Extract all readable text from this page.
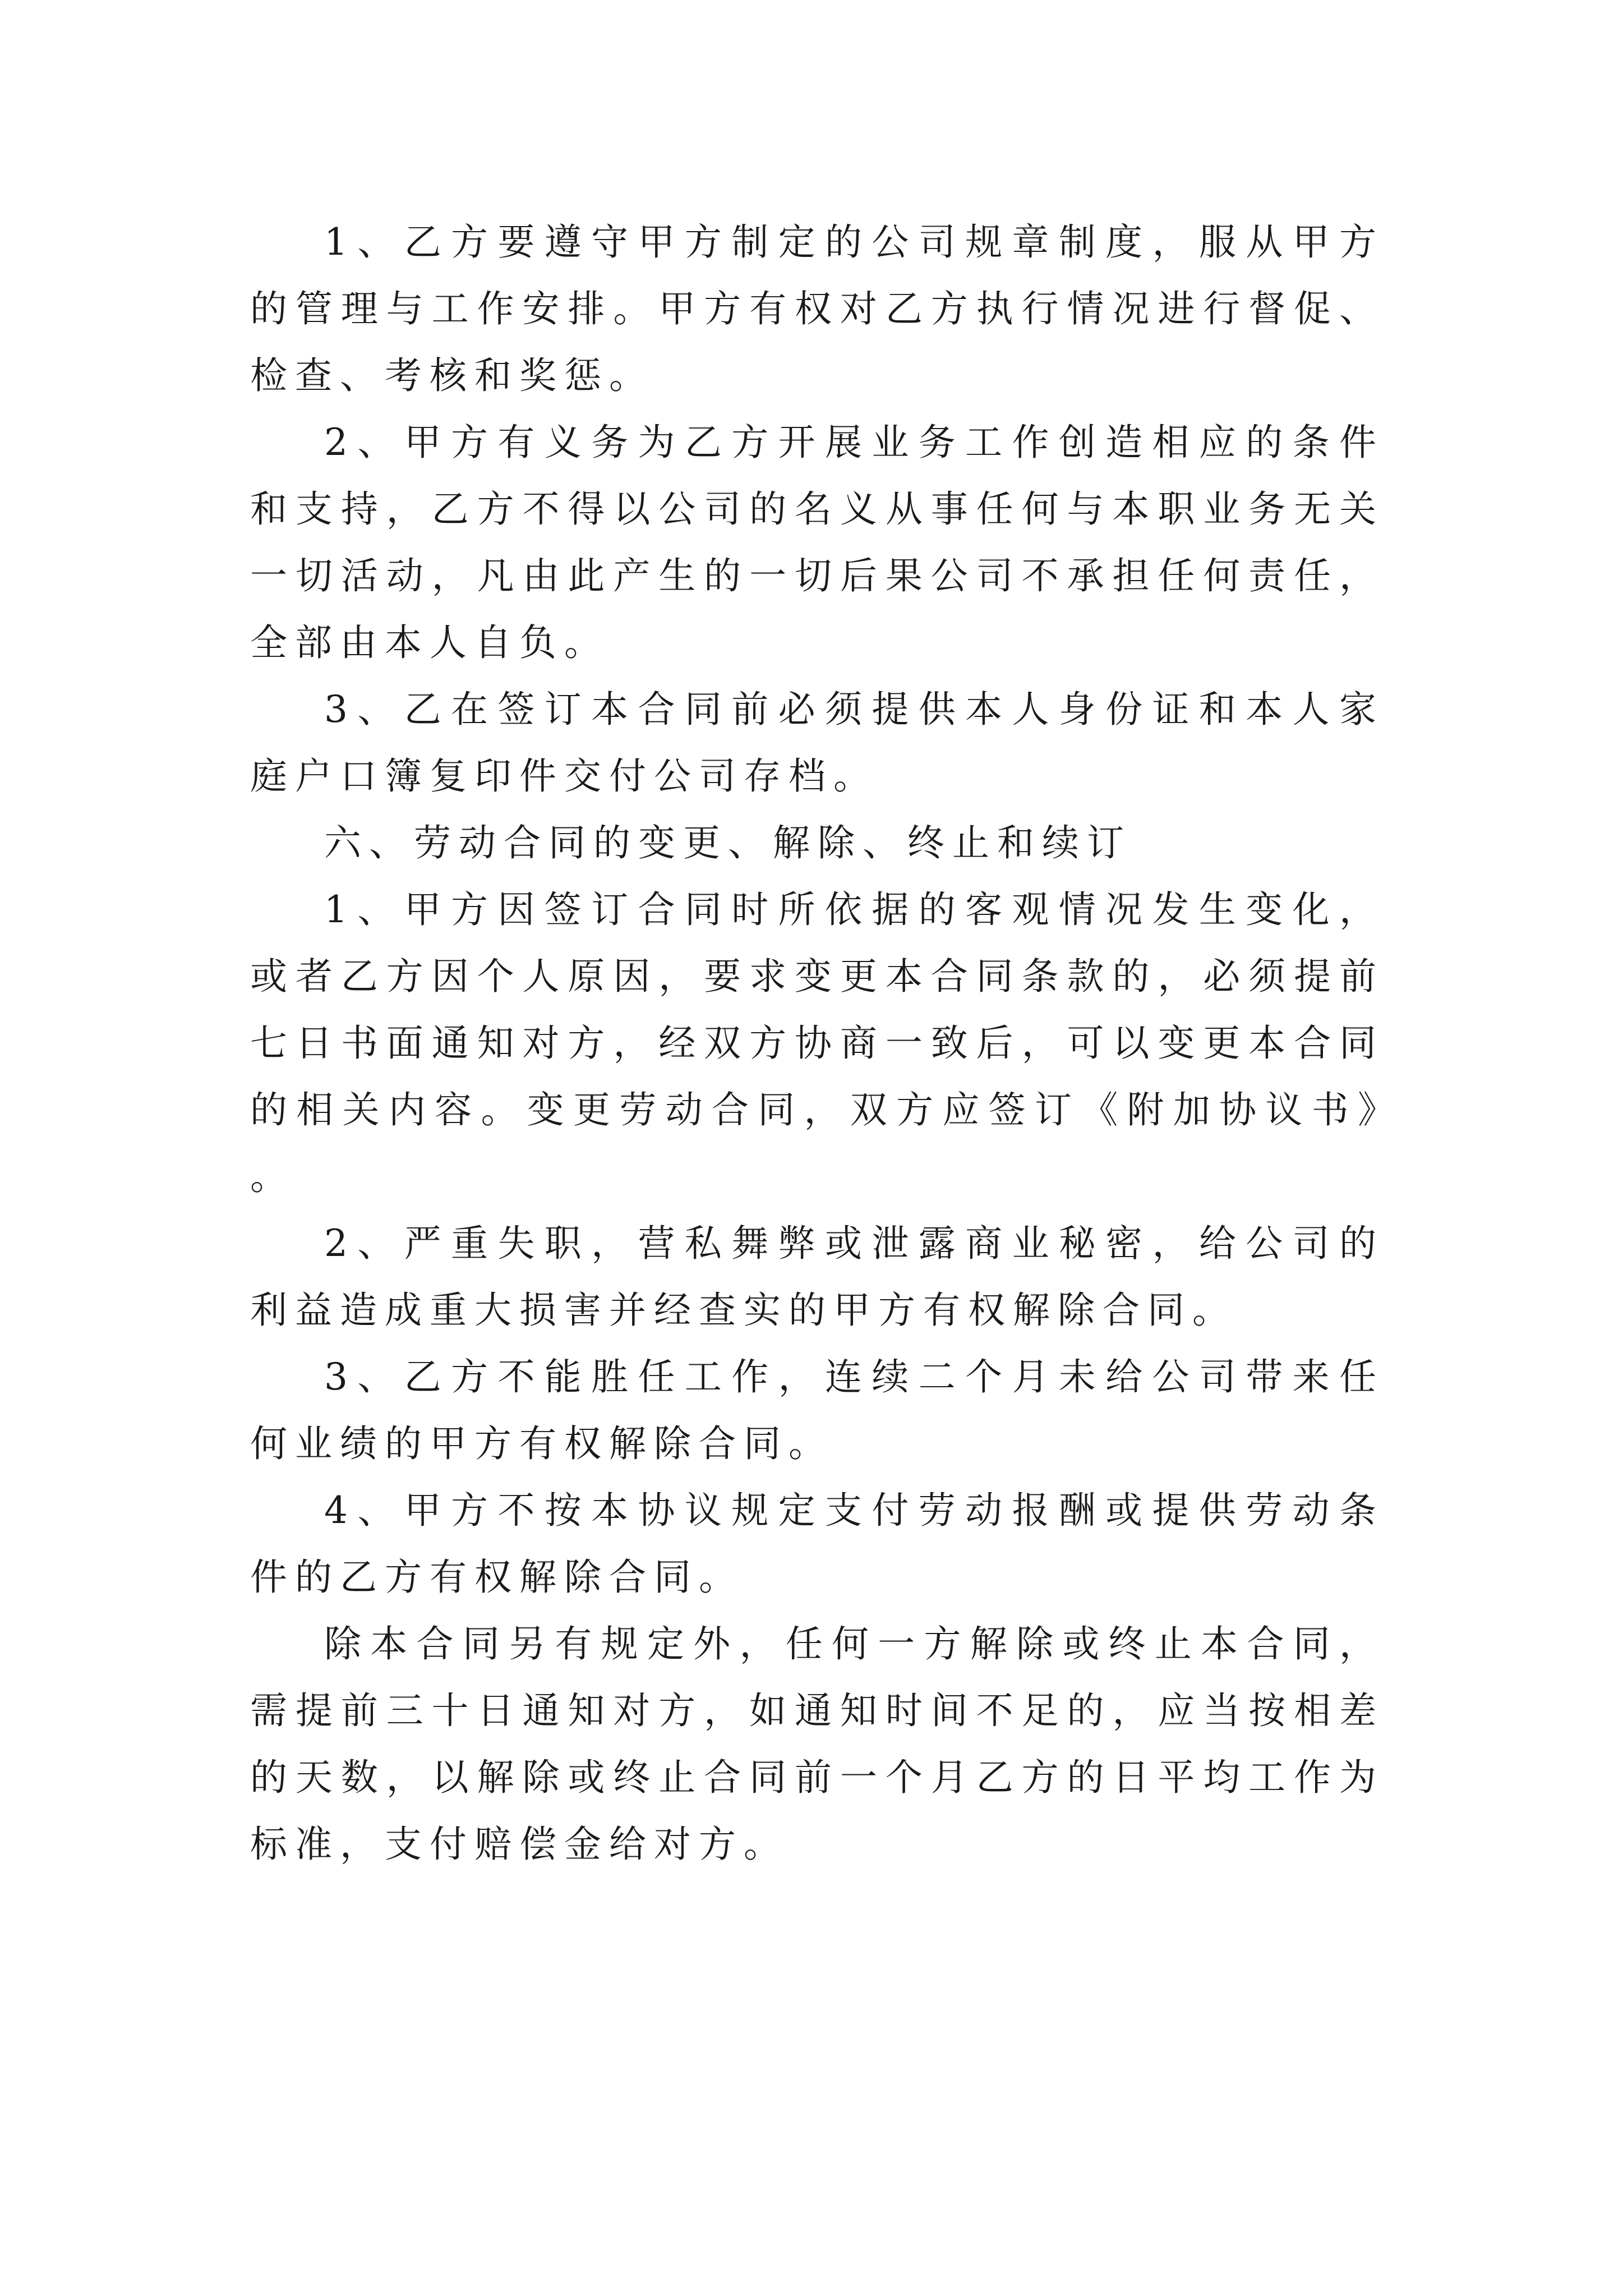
1、乙方要遵守甲方制定的公司规章制度，服从甲方的管理与工作安排。甲方有权对乙方执行情况进行督促、检查、考核和奖惩。

2、甲方有义务为乙方开展业务工作创造相应的条件和支持，乙方不得以公司的名义从事任何与本职业务无关一切活动，凡由此产生的一切后果公司不承担任何责任，全部由本人自负。

3、乙在签订本合同前必须提供本人身份证和本人家庭户口簿复印件交付公司存档。

六、劳动合同的变更、解除、终止和续订

1、甲方因签订合同时所依据的客观情况发生变化，或者乙方因个人原因，要求变更本合同条款的，必须提前七日书面通知对方，经双方协商一致后，可以变更本合同的相关内容。变更劳动合同，双方应签订《附加协议书》。

2、严重失职，营私舞弊或泄露商业秘密，给公司的利益造成重大损害并经查实的甲方有权解除合同。

3、乙方不能胜任工作，连续二个月未给公司带来任何业绩的甲方有权解除合同。

4、甲方不按本协议规定支付劳动报酬或提供劳动条件的乙方有权解除合同。

除本合同另有规定外，任何一方解除或终止本合同，需提前三十日通知对方，如通知时间不足的，应当按相差的天数，以解除或终止合同前一个月乙方的日平均工作为标准，支付赔偿金给对方。
